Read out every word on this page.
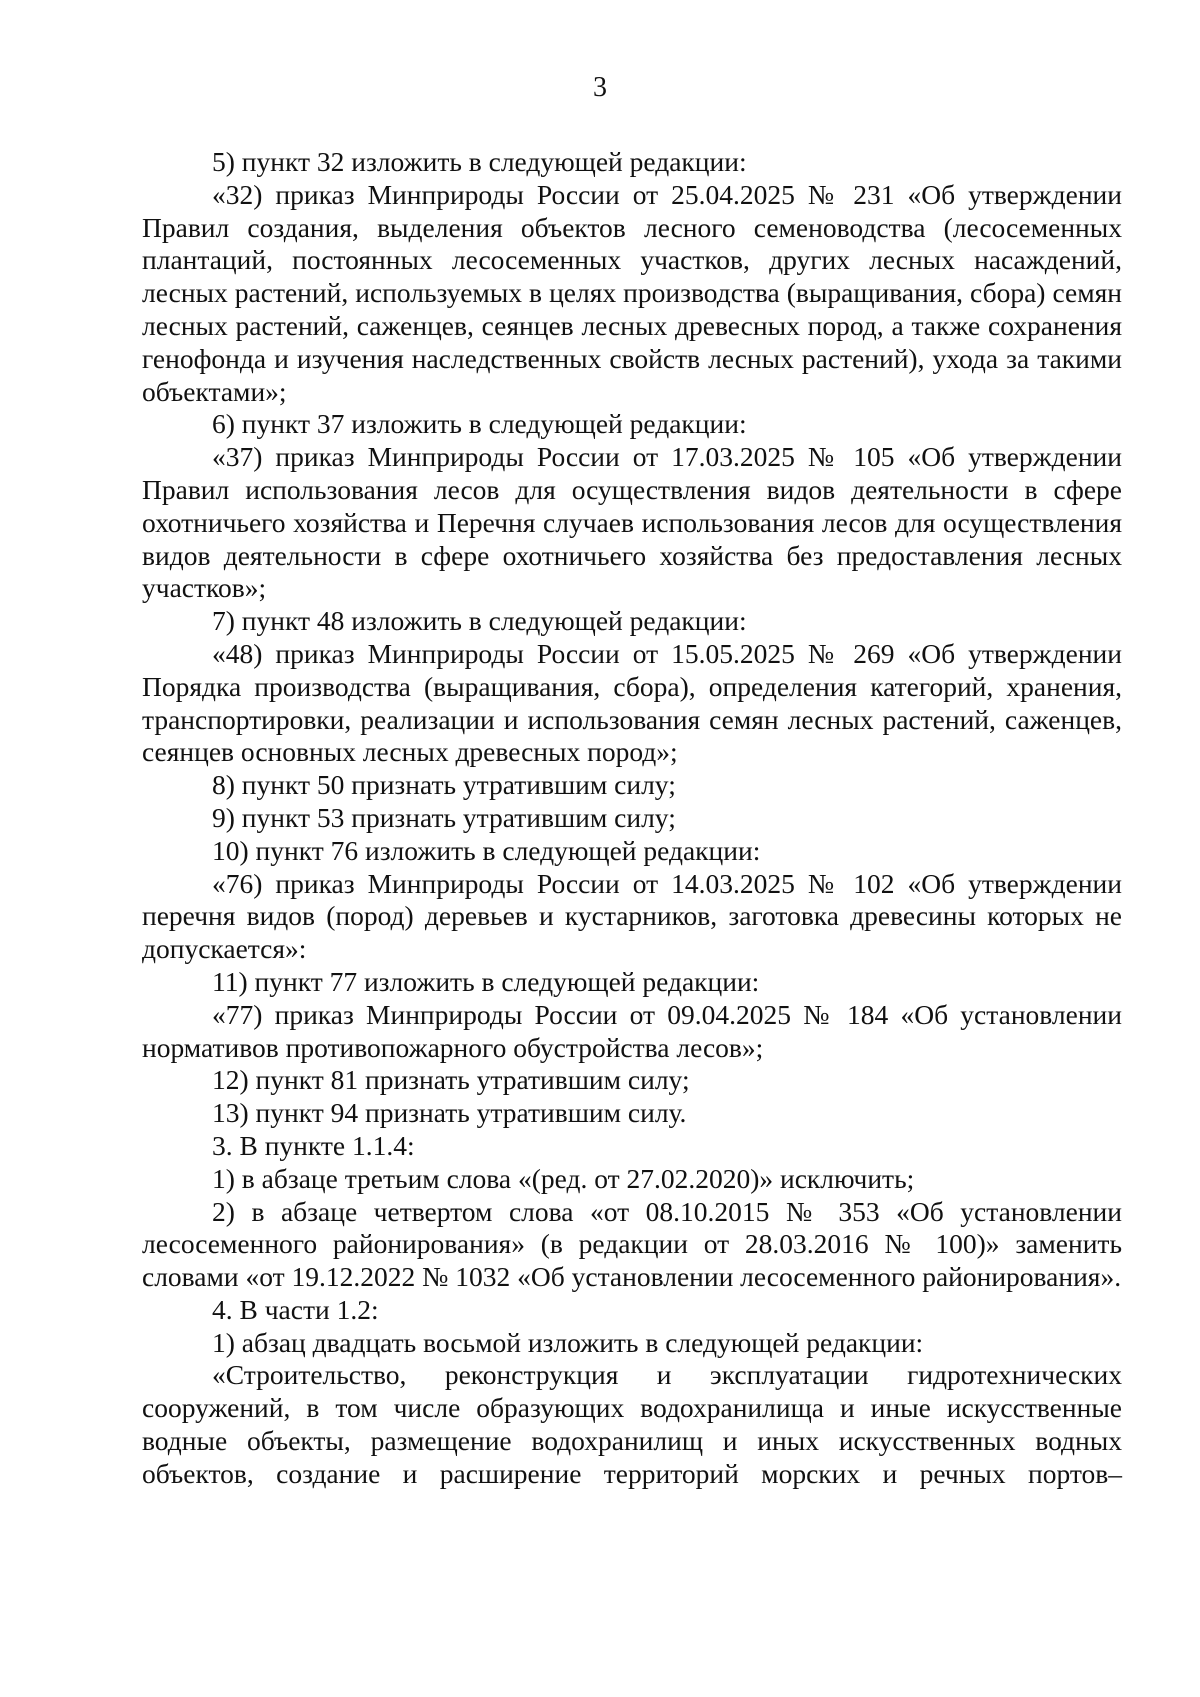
3

5) пункт 32 изложить в следующей редакции:

«32) приказ Минприроды России от 25.04.2025 № 231 «Об утверждении Правил создания, выделения объектов лесного семеноводства (лесосеменных плантаций, постоянных лесосеменных участков, других лесных насаждений, лесных растений, используемых в целях производства (выращивания, сбора) семян лесных растений, саженцев, сеянцев лесных древесных пород, а также сохранения генофонда и изучения наследственных свойств лесных растений), ухода за такими объектами»;

6) пункт 37 изложить в следующей редакции:

«37) приказ Минприроды России от 17.03.2025 № 105 «Об утверждении Правил использования лесов для осуществления видов деятельности в сфере охотничьего хозяйства и Перечня случаев использования лесов для осуществления видов деятельности в сфере охотничьего хозяйства без предоставления лесных участков»;

7) пункт 48 изложить в следующей редакции:

«48) приказ Минприроды России от 15.05.2025 № 269 «Об утверждении Порядка производства (выращивания, сбора), определения категорий, хранения, транспортировки, реализации и использования семян лесных растений, саженцев, сеянцев основных лесных древесных пород»;

8) пункт 50 признать утратившим силу;

9) пункт 53 признать утратившим силу;

10) пункт 76 изложить в следующей редакции:

«76) приказ Минприроды России от 14.03.2025 № 102 «Об утверждении перечня видов (пород) деревьев и кустарников, заготовка древесины которых не допускается»:

11) пункт 77 изложить в следующей редакции:

«77) приказ Минприроды России от 09.04.2025 № 184 «Об установлении нормативов противопожарного обустройства лесов»;

12) пункт 81 признать утратившим силу;

13) пункт 94 признать утратившим силу.

3. В пункте 1.1.4:

1) в абзаце третьим слова «(ред. от 27.02.2020)» исключить;

2) в абзаце четвертом слова «от 08.10.2015 № 353 «Об установлении лесосеменного районирования» (в редакции от 28.03.2016 № 100)» заменить словами «от 19.12.2022 № 1032 «Об установлении лесосеменного районирования».

4. В части 1.2:

1) абзац двадцать восьмой изложить в следующей редакции:

«Строительство, реконструкция и эксплуатации гидротехнических сооружений, в том числе образующих водохранилища и иные искусственные водные объекты, размещение водохранилищ и иных искусственных водных объектов, создание и расширение территорий морских и речных портов–
